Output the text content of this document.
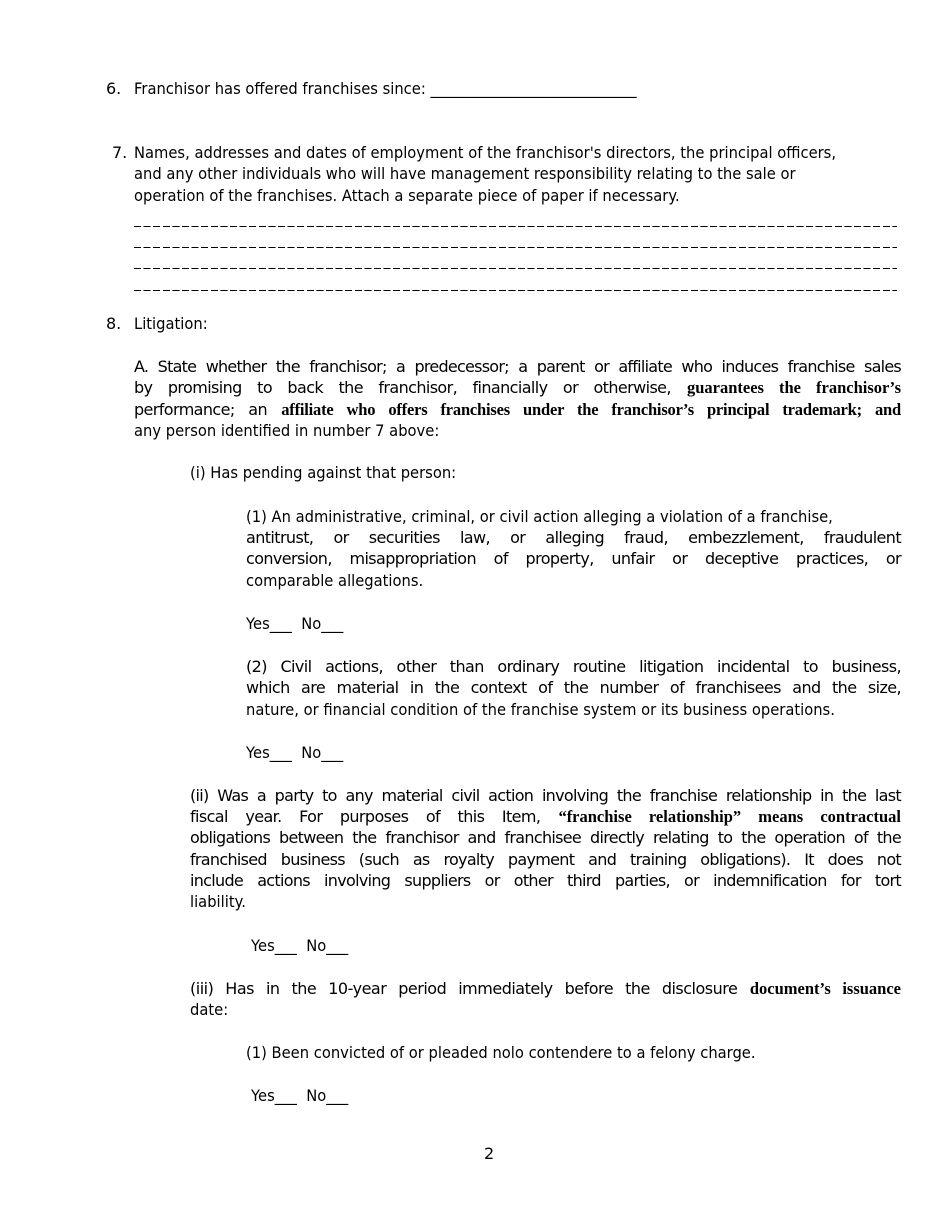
6. Franchisor has offered franchises since: ____________________________
7. Names, addresses and dates of employment of the franchisor's directors, the principal officers,
and any other individuals who will have management responsibility relating to the sale or
operation of the franchises. Attach a separate piece of paper if necessary.
8. Litigation:
A. State whether the franchisor; a predecessor; a parent or affiliate who induces franchise sales
by promising to back the franchisor, financially or otherwise, guarantees the franchisor’s
performance; an affiliate who offers franchises under the franchisor’s principal trademark; and
any person identified in number 7 above:
(i) Has pending against that person:
(1) An administrative, criminal, or civil action alleging a violation of a franchise,
antitrust, or securities law, or alleging fraud, embezzlement, fraudulent
conversion, misappropriation of property, unfair or deceptive practices, or
comparable allegations.
Yes___  No___
(2) Civil actions, other than ordinary routine litigation incidental to business,
which are material in the context of the number of franchisees and the size,
nature, or financial condition of the franchise system or its business operations.
Yes___  No___
(ii) Was a party to any material civil action involving the franchise relationship in the last
fiscal year. For purposes of this Item, “franchise relationship” means contractual
obligations between the franchisor and franchisee directly relating to the operation of the
franchised business (such as royalty payment and training obligations). It does not
include actions involving suppliers or other third parties, or indemnification for tort
liability.
Yes___  No___
(iii) Has in the 10-year period immediately before the disclosure document’s issuance
date:
(1) Been convicted of or pleaded nolo contendere to a felony charge.
Yes___  No___
2
